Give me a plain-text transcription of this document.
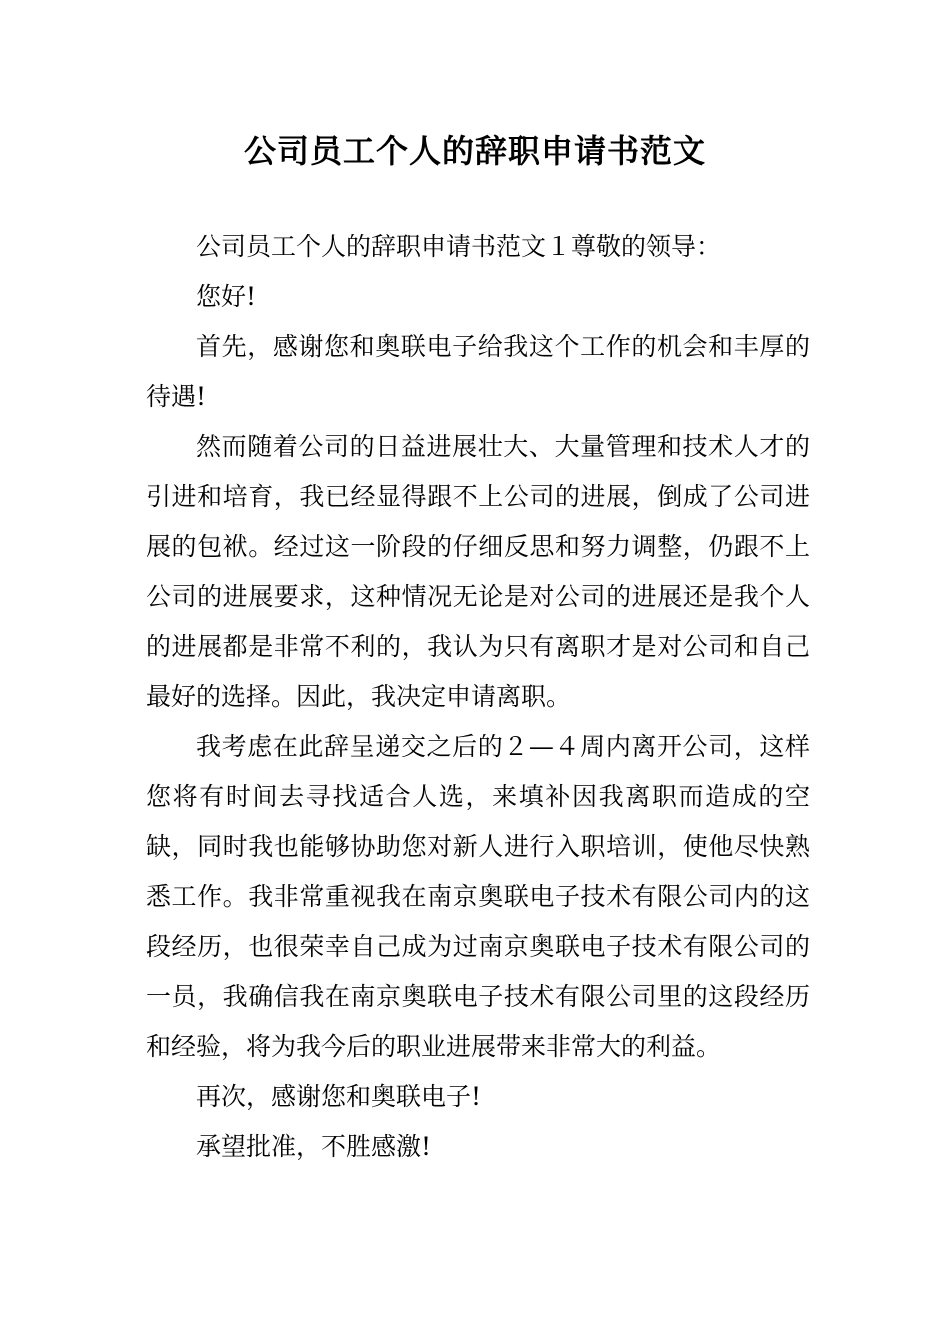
公司员工个人的辞职申请书范文

公司员工个人的辞职申请书范文１尊敬的领导：

您好!

首先，感谢您和奥联电子给我这个工作的机会和丰厚的待遇!

然而随着公司的日益进展壮大、大量管理和技术人才的引进和培育，我已经显得跟不上公司的进展，倒成了公司进展的包袱。经过这一阶段的仔细反思和努力调整，仍跟不上公司的进展要求，这种情况无论是对公司的进展还是我个人的进展都是非常不利的，我认为只有离职才是对公司和自己最好的选择。因此，我决定申请离职。

我考虑在此辞呈递交之后的２—４周内离开公司，这样您将有时间去寻找适合人选，来填补因我离职而造成的空缺，同时我也能够协助您对新人进行入职培训，使他尽快熟悉工作。我非常重视我在南京奥联电子技术有限公司内的这段经历，也很荣幸自己成为过南京奥联电子技术有限公司的一员，我确信我在南京奥联电子技术有限公司里的这段经历和经验，将为我今后的职业进展带来非常大的利益。

再次，感谢您和奥联电子!

承望批准，不胜感激!
